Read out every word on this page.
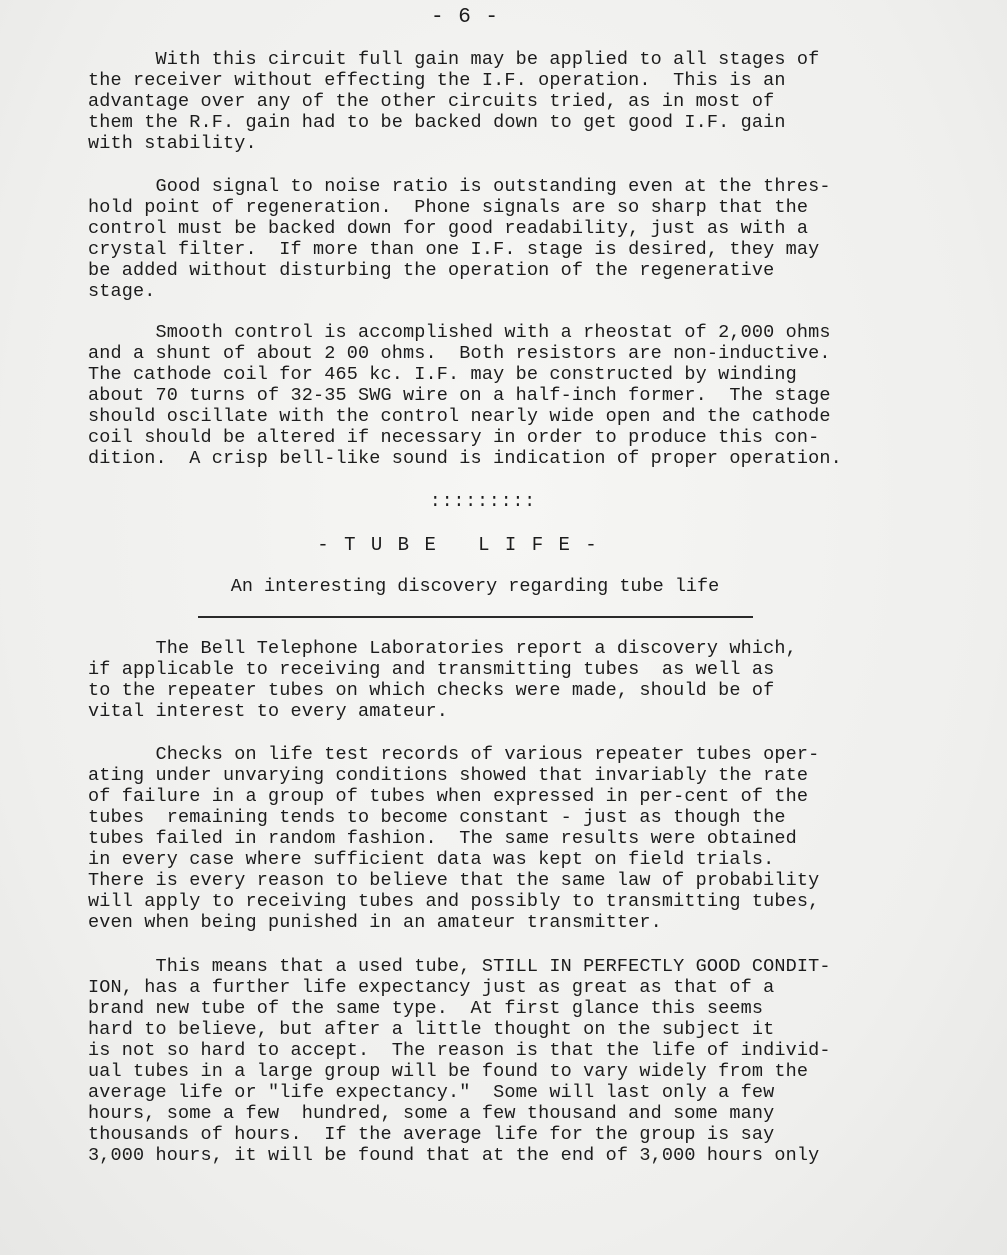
- 6 -

With this circuit full gain may be applied to all stages of
the receiver without effecting the I.F. operation.  This is an
advantage over any of the other circuits tried, as in most of
them the R.F. gain had to be backed down to get good I.F. gain
with stability.

Good signal to noise ratio is outstanding even at the thres-
hold point of regeneration.  Phone signals are so sharp that the
control must be backed down for good readability, just as with a
crystal filter.  If more than one I.F. stage is desired, they may
be added without disturbing the operation of the regenerative
stage.

Smooth control is accomplished with a rheostat of 2,000 ohms
and a shunt of about 2 00 ohms.  Both resistors are non-inductive.
The cathode coil for 465 kc. I.F. may be constructed by winding
about 70 turns of 32-35 SWG wire on a half-inch former.  The stage
should oscillate with the control nearly wide open and the cathode
coil should be altered if necessary in order to produce this con-
dition.  A crisp bell-like sound is indication of proper operation.

:::::::::
- T U B E   L I F E -
An interesting discovery regarding tube life

The Bell Telephone Laboratories report a discovery which,
if applicable to receiving and transmitting tubes  as well as
to the repeater tubes on which checks were made, should be of
vital interest to every amateur.

Checks on life test records of various repeater tubes oper-
ating under unvarying conditions showed that invariably the rate
of failure in a group of tubes when expressed in per-cent of the
tubes  remaining tends to become constant - just as though the
tubes failed in random fashion.  The same results were obtained
in every case where sufficient data was kept on field trials.
There is every reason to believe that the same law of probability
will apply to receiving tubes and possibly to transmitting tubes,
even when being punished in an amateur transmitter.

This means that a used tube, STILL IN PERFECTLY GOOD CONDIT-
ION, has a further life expectancy just as great as that of a
brand new tube of the same type.  At first glance this seems
hard to believe, but after a little thought on the subject it
is not so hard to accept.  The reason is that the life of individ-
ual tubes in a large group will be found to vary widely from the
average life or "life expectancy."  Some will last only a few
hours, some a few  hundred, some a few thousand and some many
thousands of hours.  If the average life for the group is say
3,000 hours, it will be found that at the end of 3,000 hours only
